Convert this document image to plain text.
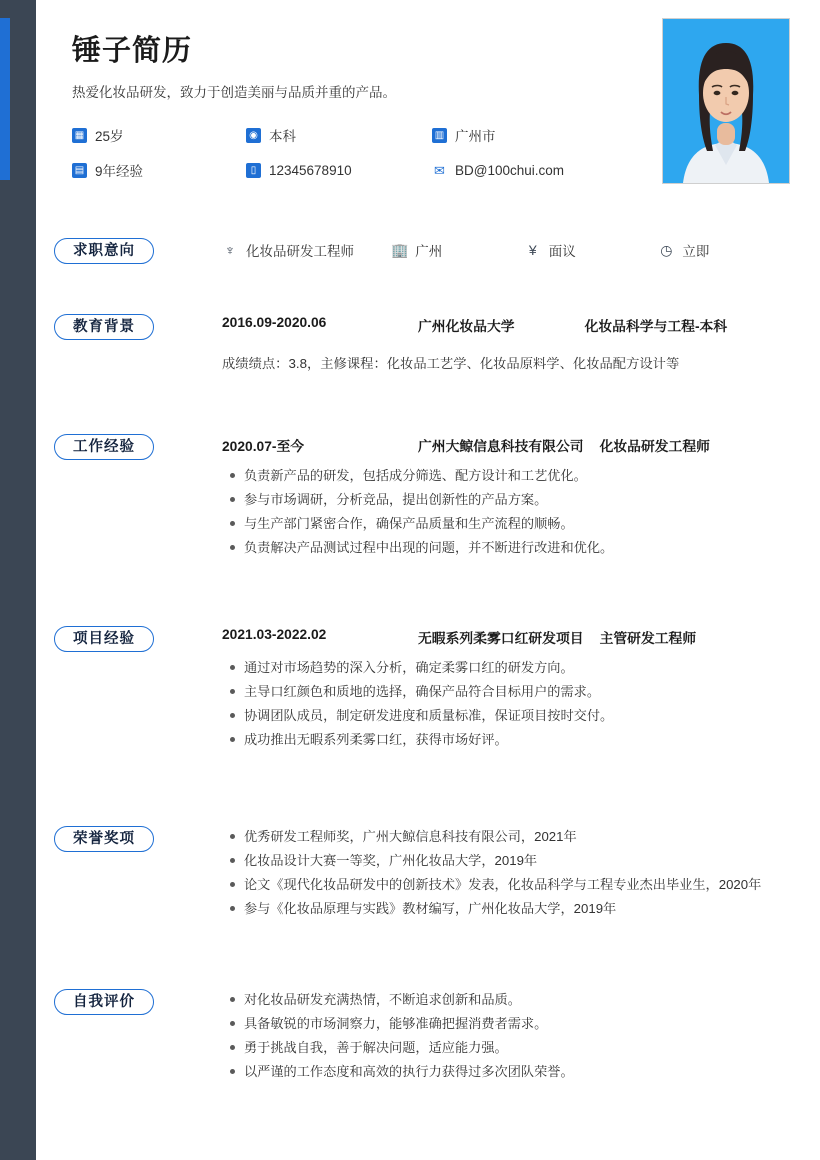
锤子简历
热爱化妆品研发，致力于创造美丽与品质并重的产品。
▦ 25岁	◉ 本科	▥ 广州市
▤ 9年经验	▯ 12345678910	✉ BD@100chui.com
求职意向	♆ 化妆品研发工程师	🏢 广州	¥ 面议	◷ 立即
教育背景	2016.09-2020.06	广州化妆品大学	化妆品科学与工程-本科
成绩绩点：3.8，主修课程：化妆品工艺学、化妆品原料学、化妆品配方设计等
工作经验	2020.07-至今	广州大鲸信息科技有限公司 化妆品研发工程师
负责新产品的研发，包括成分筛选、配方设计和工艺优化。
参与市场调研，分析竞品，提出创新性的产品方案。
与生产部门紧密合作，确保产品质量和生产流程的顺畅。
负责解决产品测试过程中出现的问题，并不断进行改进和优化。
项目经验	2021.03-2022.02	无暇系列柔雾口红研发项目 主管研发工程师
通过对市场趋势的深入分析，确定柔雾口红的研发方向。
主导口红颜色和质地的选择，确保产品符合目标用户的需求。
协调团队成员，制定研发进度和质量标准，保证项目按时交付。
成功推出无暇系列柔雾口红，获得市场好评。
荣誉奖项	优秀研发工程师奖，广州大鲸信息科技有限公司，2021年
化妆品设计大赛一等奖，广州化妆品大学，2019年
论文《现代化妆品研发中的创新技术》发表，化妆品科学与工程专业杰出毕业生，2020年
参与《化妆品原理与实践》教材编写，广州化妆品大学，2019年
自我评价	对化妆品研发充满热情，不断追求创新和品质。
具备敏锐的市场洞察力，能够准确把握消费者需求。
勇于挑战自我，善于解决问题，适应能力强。
以严谨的工作态度和高效的执行力获得过多次团队荣誉。
